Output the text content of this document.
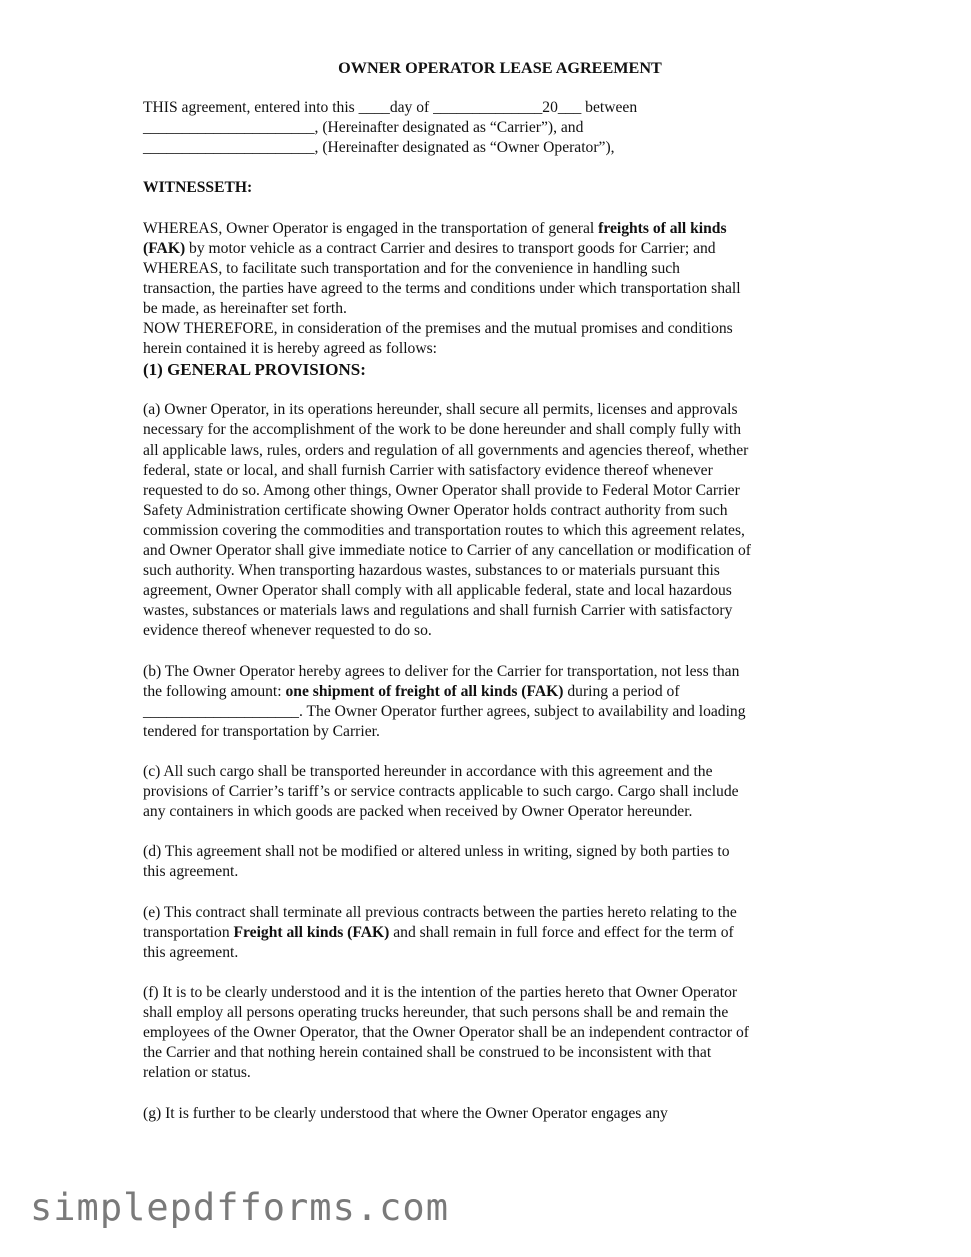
OWNER OPERATOR LEASE AGREEMENT
THIS agreement, entered into this ____day of ______________20___ between
______________________, (Hereinafter designated as “Carrier”), and
______________________, (Hereinafter designated as “Owner Operator”),
WITNESSETH:
WHEREAS, Owner Operator is engaged in the transportation of general freights of all kinds
(FAK) by motor vehicle as a contract Carrier and desires to transport goods for Carrier; and
WHEREAS, to facilitate such transportation and for the convenience in handling such
transaction, the parties have agreed to the terms and conditions under which transportation shall
be made, as hereinafter set forth.
NOW THEREFORE, in consideration of the premises and the mutual promises and conditions
herein contained it is hereby agreed as follows:
(1) GENERAL PROVISIONS:
(a) Owner Operator, in its operations hereunder, shall secure all permits, licenses and approvals
necessary for the accomplishment of the work to be done hereunder and shall comply fully with
all applicable laws, rules, orders and regulation of all governments and agencies thereof, whether
federal, state or local, and shall furnish Carrier with satisfactory evidence thereof whenever
requested to do so. Among other things, Owner Operator shall provide to Federal Motor Carrier
Safety Administration certificate showing Owner Operator holds contract authority from such
commission covering the commodities and transportation routes to which this agreement relates,
and Owner Operator shall give immediate notice to Carrier of any cancellation or modification of
such authority. When transporting hazardous wastes, substances to or materials pursuant this
agreement, Owner Operator shall comply with all applicable federal, state and local hazardous
wastes, substances or materials laws and regulations and shall furnish Carrier with satisfactory
evidence thereof whenever requested to do so.
(b) The Owner Operator hereby agrees to deliver for the Carrier for transportation, not less than
the following amount: one shipment of freight of all kinds (FAK) during a period of
____________________. The Owner Operator further agrees, subject to availability and loading
tendered for transportation by Carrier.
(c) All such cargo shall be transported hereunder in accordance with this agreement and the
provisions of Carrier’s tariff’s or service contracts applicable to such cargo. Cargo shall include
any containers in which goods are packed when received by Owner Operator hereunder.
(d) This agreement shall not be modified or altered unless in writing, signed by both parties to
this agreement.
(e) This contract shall terminate all previous contracts between the parties hereto relating to the
transportation Freight all kinds (FAK) and shall remain in full force and effect for the term of
this agreement.
(f) It is to be clearly understood and it is the intention of the parties hereto that Owner Operator
shall employ all persons operating trucks hereunder, that such persons shall be and remain the
employees of the Owner Operator, that the Owner Operator shall be an independent contractor of
the Carrier and that nothing herein contained shall be construed to be inconsistent with that
relation or status.
(g) It is further to be clearly understood that where the Owner Operator engages any
simplepdfforms.com
